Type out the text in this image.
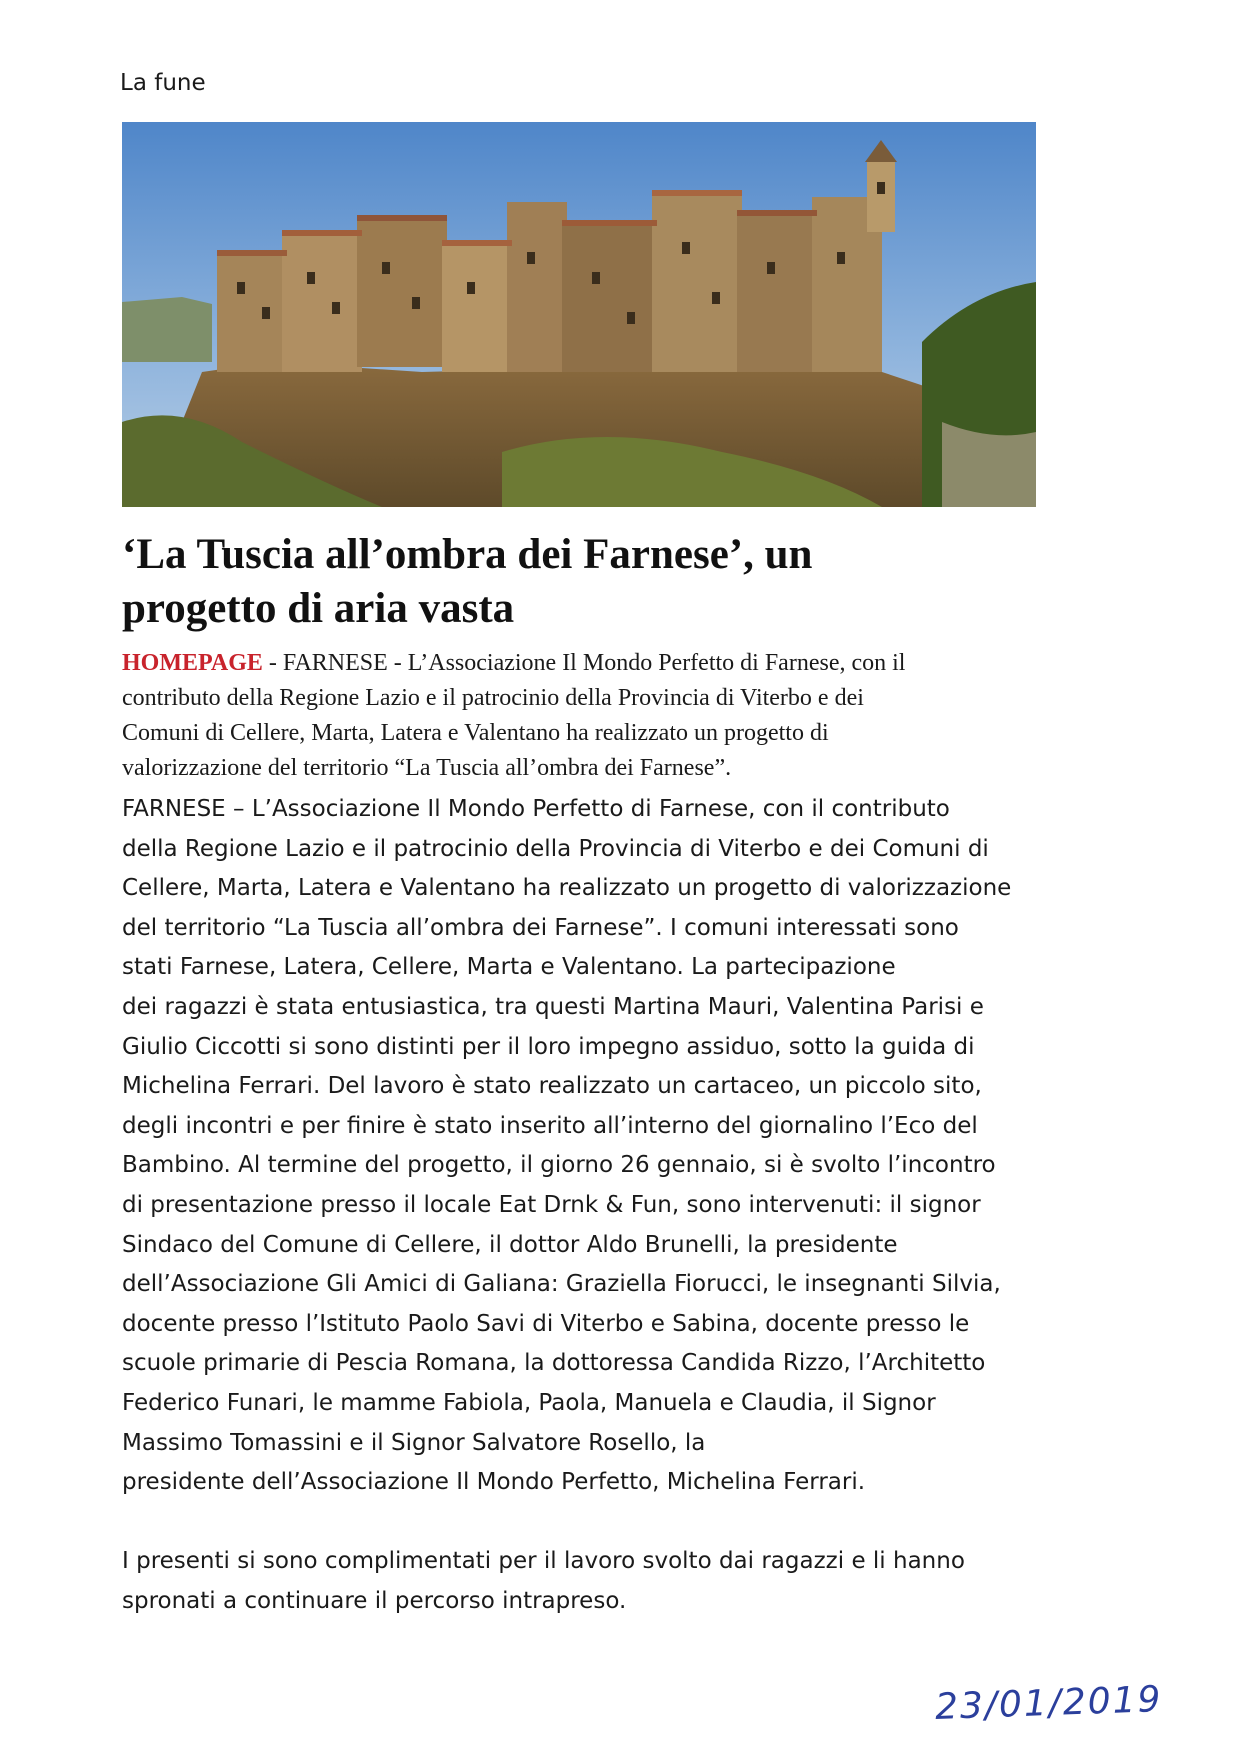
La fune
‘La Tuscia all’ombra dei Farnese’, un
progetto di aria vasta

HOMEPAGE - FARNESE - L’Associazione Il Mondo Perfetto di Farnese, con il
contributo della Regione Lazio e il patrocinio della Provincia di Viterbo e dei
Comuni di Cellere, Marta, Latera e Valentano ha realizzato un progetto di
valorizzazione del territorio “La Tuscia all’ombra dei Farnese”.

FARNESE – L’Associazione Il Mondo Perfetto di Farnese, con il contributo
della Regione Lazio e il patrocinio della Provincia di Viterbo e dei Comuni di
Cellere, Marta, Latera e Valentano ha realizzato un progetto di valorizzazione
del territorio “La Tuscia all’ombra dei Farnese”. I comuni interessati sono
stati Farnese, Latera, Cellere, Marta e Valentano. La partecipazione
dei ragazzi è stata entusiastica, tra questi Martina Mauri, Valentina Parisi e
Giulio Ciccotti si sono distinti per il loro impegno assiduo, sotto la guida di
Michelina Ferrari. Del lavoro è stato realizzato un cartaceo, un piccolo sito,
degli incontri e per finire è stato inserito all’interno del giornalino l’Eco del
Bambino. Al termine del progetto, il giorno 26 gennaio, si è svolto l’incontro
di presentazione presso il locale Eat Drnk & Fun, sono intervenuti: il signor
Sindaco del Comune di Cellere, il dottor Aldo Brunelli, la presidente
dell’Associazione Gli Amici di Galiana: Graziella Fiorucci, le insegnanti Silvia,
docente presso l’Istituto Paolo Savi di Viterbo e Sabina, docente presso le
scuole primarie di Pescia Romana, la dottoressa Candida Rizzo, l’Architetto
Federico Funari, le mamme Fabiola, Paola, Manuela e Claudia, il Signor
Massimo Tomassini e il Signor Salvatore Rosello, la
presidente dell’Associazione Il Mondo Perfetto, Michelina Ferrari.
I presenti si sono complimentati per il lavoro svolto dai ragazzi e li hanno
spronati a continuare il percorso intrapreso.
23/01/2019
